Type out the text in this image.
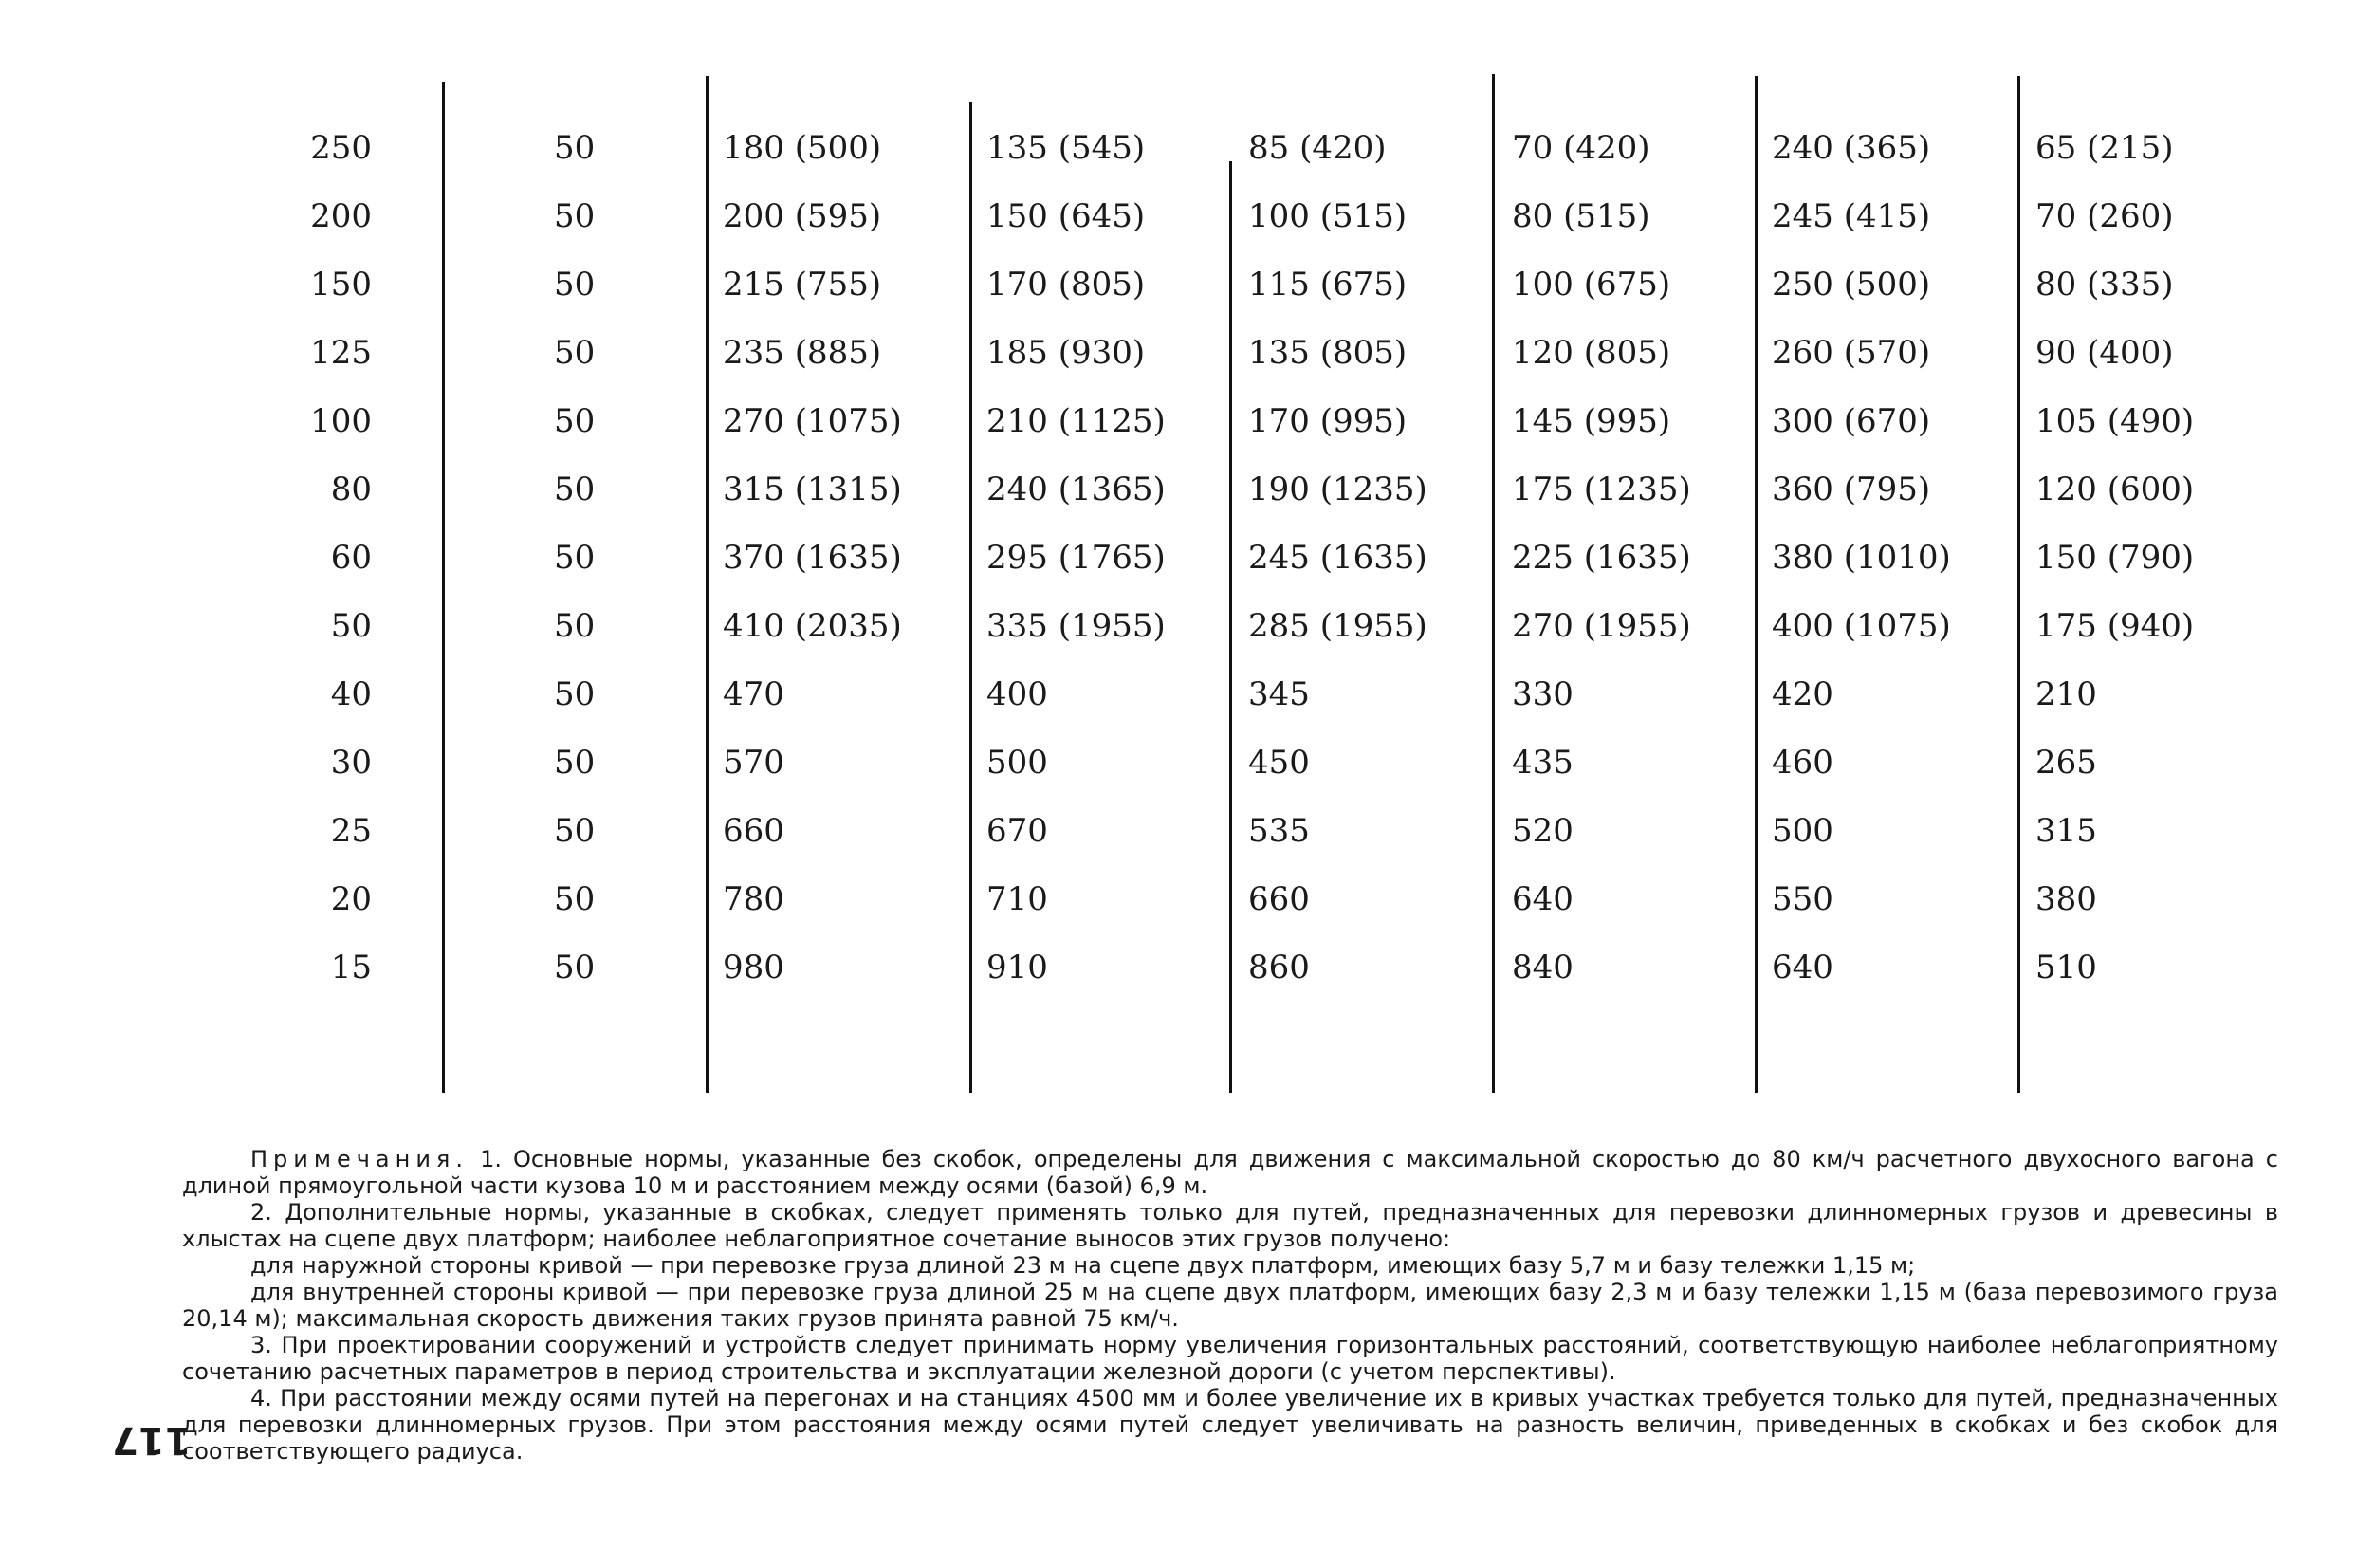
250
200
150
125
100
80
60
50
40
30
25
20
15
50
50
50
50
50
50
50
50
50
50
50
50
50
180 (500)
200 (595)
215 (755)
235 (885)
270 (1075)
315 (1315)
370 (1635)
410 (2035)
470
570
660
780
980
135 (545)
150 (645)
170 (805)
185 (930)
210 (1125)
240 (1365)
295 (1765)
335 (1955)
400
500
670
710
910
85 (420)
100 (515)
115 (675)
135 (805)
170 (995)
190 (1235)
245 (1635)
285 (1955)
345
450
535
660
860
70 (420)
80 (515)
100 (675)
120 (805)
145 (995)
175 (1235)
225 (1635)
270 (1955)
330
435
520
640
840
240 (365)
245 (415)
250 (500)
260 (570)
300 (670)
360 (795)
380 (1010)
400 (1075)
420
460
500
550
640
65 (215)
70 (260)
80 (335)
90 (400)
105 (490)
120 (600)
150 (790)
175 (940)
210
265
315
380
510

Примечания. 1. Основные нормы, указанные без скобок, определены для движения с максимальной скоростью до 80 км/ч расчетного двухосного вагона с длиной прямоугольной части кузова 10 м и расстоянием между осями (базой) 6,9 м.

2. Дополнительные нормы, указанные в скобках, следует применять только для путей, предназначенных для перевозки длинномерных грузов и древесины в хлыстах на сцепе двух платформ; наиболее неблагоприятное сочетание выносов этих грузов получено:

для наружной стороны кривой — при перевозке груза длиной 23 м на сцепе двух платформ, имеющих базу 5,7 м и базу тележки 1,15 м;

для внутренней стороны кривой — при перевозке груза длиной 25 м на сцепе двух платформ, имеющих базу 2,3 м и базу тележки 1,15 м (база перевозимого груза 20,14 м); максимальная скорость движения таких грузов принята равной 75 км/ч.

3. При проектировании сооружений и устройств следует принимать норму увеличения горизонтальных расстояний, соответствующую наиболее неблагоприятному сочетанию расчетных параметров в период строительства и эксплуатации железной дороги (с учетом перспективы).

4. При расстоянии между осями путей на перегонах и на станциях 4500 мм и более увеличение их в кривых участках требуется только для путей, предназначенных для перевозки длинномерных грузов. При этом расстояния между осями путей следует увеличивать на разность величин, приведенных в скобках и без скобок для соответствующего радиуса.

117
